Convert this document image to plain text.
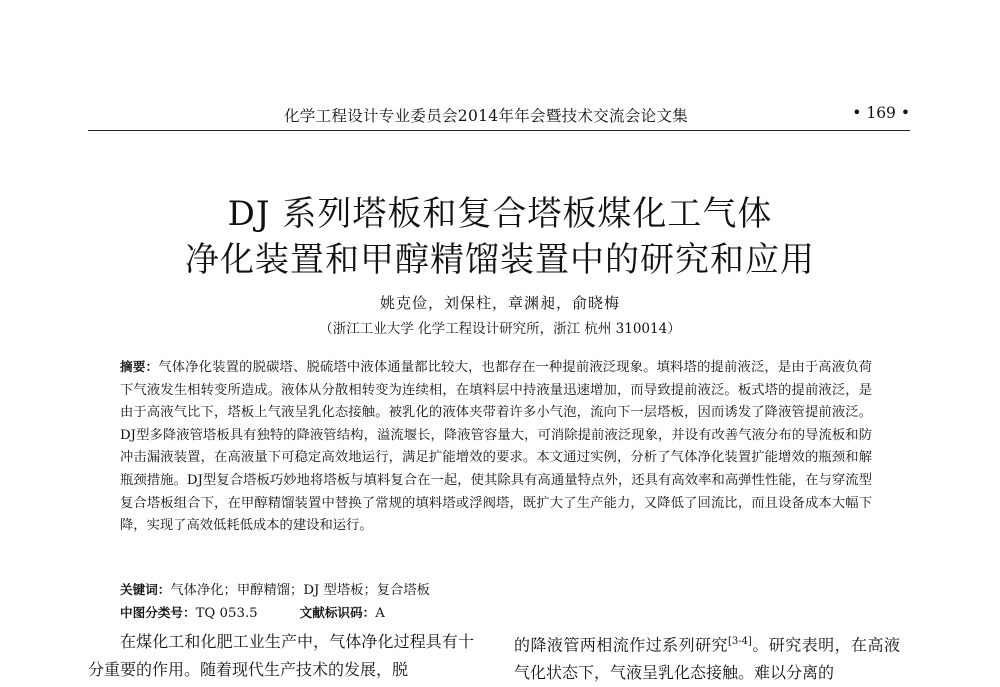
化学工程设计专业委员会2014年年会暨技术交流会论文集	• 169 •
DJ 系列塔板和复合塔板煤化工气体
净化装置和甲醇精馏装置中的研究和应用
姚克俭，刘保柱，章渊昶，俞晓梅
（浙江工业大学 化学工程设计研究所，浙江 杭州 310014）

摘要：气体净化装置的脱碳塔、脱硫塔中液体通量都比较大，也都存在一种提前液泛现象。填料塔的提前液泛，是由于高液负荷下气液发生相转变所造成。液体从分散相转变为连续相，在填料层中持液量迅速增加，而导致提前液泛。板式塔的提前液泛，是由于高液气比下，塔板上气液呈乳化态接触。被乳化的液体夹带着许多小气泡，流向下一层塔板，因而诱发了降液管提前液泛。DJ型多降液管塔板具有独特的降液管结构，溢流堰长，降液管容量大，可消除提前液泛现象，并设有改善气液分布的导流板和防冲击漏液装置，在高液量下可稳定高效地运行，满足扩能增效的要求。本文通过实例，分析了气体净化装置扩能增效的瓶颈和解瓶颈措施。DJ型复合塔板巧妙地将塔板与填料复合在一起，使其除具有高通量特点外，还具有高效率和高弹性性能，在与穿流型复合塔板组合下，在甲醇精馏装置中替换了常规的填料塔或浮阀塔，既扩大了生产能力，又降低了回流比，而且设备成本大幅下降，实现了高效低耗低成本的建设和运行。

关键词：气体净化；甲醇精馏；DJ 型塔板；复合塔板
中图分类号：TQ 053.5	文献标识码：A

在煤化工和化肥工业生产中，气体净化过程具有十分重要的作用。随着现代生产技术的发展，脱

的降液管两相流作过系列研究[3-4]。研究表明，在高液气化状态下，气液呈乳化态接触。难以分离的
